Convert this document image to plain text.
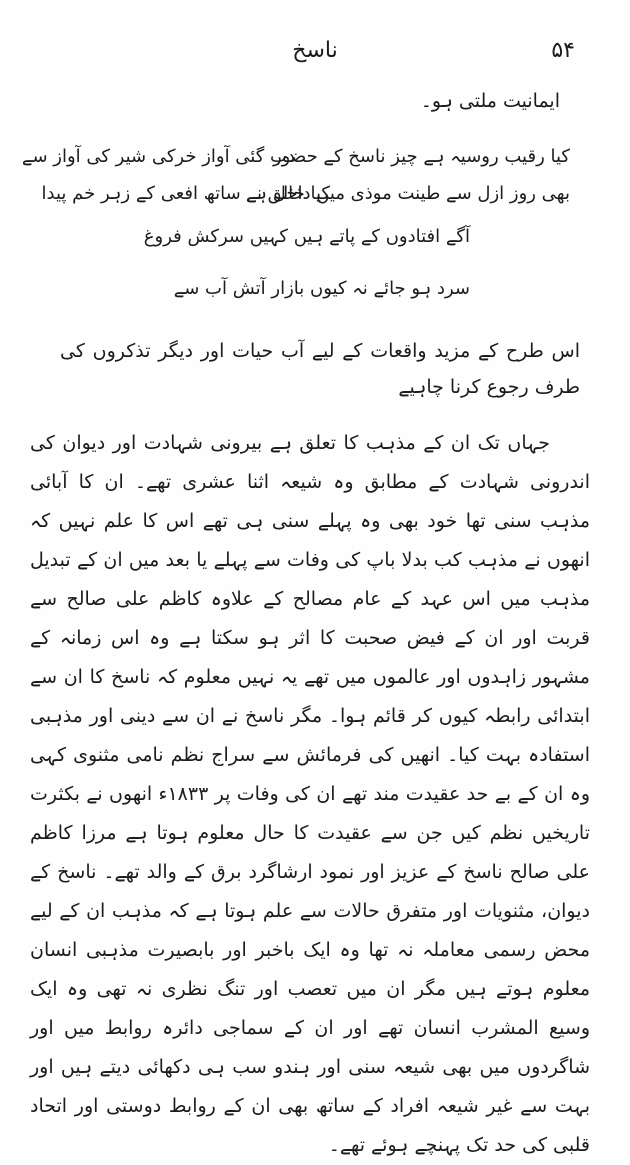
۵۴
ناسخ
ایمانیت ملتی ہو۔
کیا رقیب روسیہ ہے چیز ناسخ کے حضور
دب گئی آواز خرکی شیر کی آواز سے
بھی روز ازل سے طینت موذی میں داخل ہے
کیا خالق نے ساتھ افعی کے زہر خم پیدا
آگے افتادوں کے پاتے ہیں کہیں سرکش فروغ
سرد ہو جائے نہ کیوں بازار آتش آب سے

اس طرح کے مزید واقعات کے لیے آب حیات اور دیگر تذکروں کی طرف رجوع کرنا چاہیے

جہاں تک ان کے مذہب کا تعلق ہے بیرونی شہادت اور دیوان کی اندرونی شہادت کے مطابق وہ شیعہ اثنا عشری تھے۔ ان کا آبائی مذہب سنی تھا خود بھی وہ پہلے سنی ہی تھے اس کا علم نہیں کہ انھوں نے مذہب کب بدلا باپ کی وفات سے پہلے یا بعد میں ان کے تبدیل مذہب میں اس عہد کے عام مصالح کے علاوہ کاظم علی صالح سے قربت اور ان کے فیض صحبت کا اثر ہو سکتا ہے وہ اس زمانہ کے مشہور زاہدوں اور عالموں میں تھے یہ نہیں معلوم کہ ناسخ کا ان سے ابتدائی رابطہ کیوں کر قائم ہوا۔ مگر ناسخ نے ان سے دینی اور مذہبی استفادہ بہت کیا۔ انھیں کی فرمائش سے سراج نظم نامی مثنوی کہی وہ ان کے بے حد عقیدت مند تھے ان کی وفات پر ۱۸۳۳ء انھوں نے بکثرت تاریخیں نظم کیں جن سے عقیدت کا حال معلوم ہوتا ہے مرزا کاظم علی صالح ناسخ کے عزیز اور نمود ارشاگرد برق کے والد تھے۔ ناسخ کے دیوان، مثنویات اور متفرق حالات سے علم ہوتا ہے کہ مذہب ان کے لیے محض رسمی معاملہ نہ تھا وہ ایک باخبر اور بابصیرت مذہبی انسان معلوم ہوتے ہیں مگر ان میں تعصب اور تنگ نظری نہ تھی وہ ایک وسیع المشرب انسان تھے اور ان کے سماجی دائرہ روابط میں اور شاگردوں میں بھی شیعہ سنی اور ہندو سب ہی دکھائی دیتے ہیں اور بہت سے غیر شیعہ افراد کے ساتھ بھی ان کے روابط دوستی اور اتحاد قلبی کی حد تک پہنچے ہوئے تھے۔
